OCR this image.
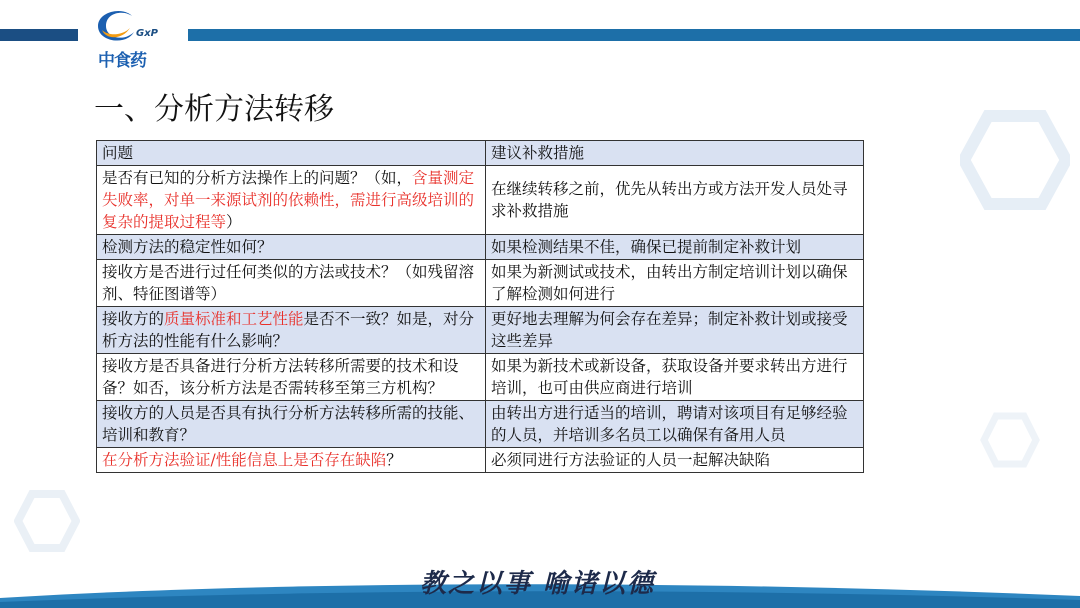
GxP
中食药
一、分析方法转移
问题	建议补救措施
是否有已知的分析方法操作上的问题？（如，含量测定失败率，对单一来源试剂的依赖性，需进行高级培训的复杂的提取过程等）	在继续转移之前，优先从转出方或方法开发人员处寻求补救措施
检测方法的稳定性如何？	如果检测结果不佳，确保已提前制定补救计划
接收方是否进行过任何类似的方法或技术？（如残留溶剂、特征图谱等）	如果为新测试或技术，由转出方制定培训计划以确保了解检测如何进行
接收方的质量标准和工艺性能是否不一致？如是，对分析方法的性能有什么影响？	更好地去理解为何会存在差异；制定补救计划或接受这些差异
接收方是否具备进行分析方法转移所需要的技术和设备？如否，该分析方法是否需转移至第三方机构？	如果为新技术或新设备，获取设备并要求转出方进行培训，也可由供应商进行培训
接收方的人员是否具有执行分析方法转移所需的技能、培训和教育？	由转出方进行适当的培训，聘请对该项目有足够经验的人员，并培训多名员工以确保有备用人员
在分析方法验证/性能信息上是否存在缺陷？	必须同进行方法验证的人员一起解决缺陷
教之以事 喻诸以德
